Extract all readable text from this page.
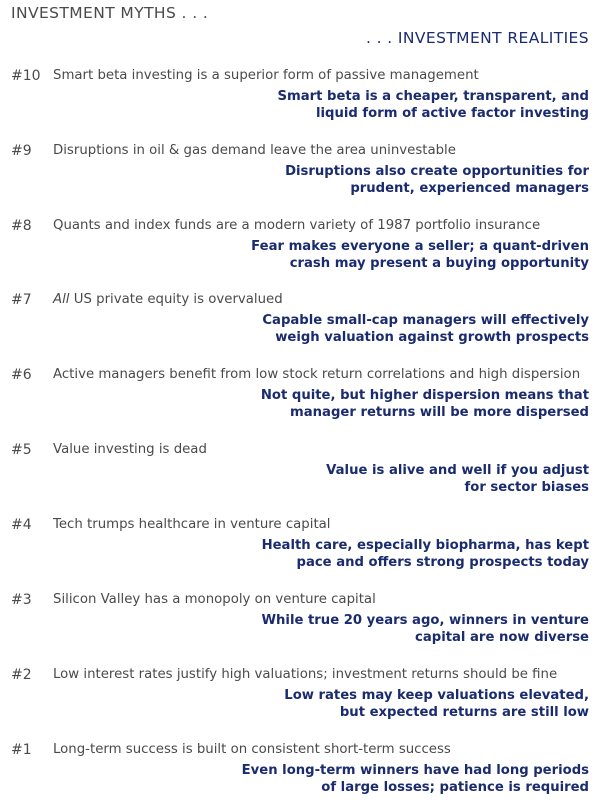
INVESTMENT MYTHS . . .
. . . INVESTMENT REALITIES
#10 Smart beta investing is a superior form of passive management
Smart beta is a cheaper, transparent, and
liquid form of active factor investing
#9 Disruptions in oil & gas demand leave the area uninvestable
Disruptions also create opportunities for
prudent, experienced managers
#8 Quants and index funds are a modern variety of 1987 portfolio insurance
Fear makes everyone a seller; a quant-driven
crash may present a buying opportunity
#7 All US private equity is overvalued
Capable small-cap managers will effectively
weigh valuation against growth prospects
#6 Active managers benefit from low stock return correlations and high dispersion
Not quite, but higher dispersion means that
manager returns will be more dispersed
#5 Value investing is dead
Value is alive and well if you adjust
for sector biases
#4 Tech trumps healthcare in venture capital
Health care, especially biopharma, has kept
pace and offers strong prospects today
#3 Silicon Valley has a monopoly on venture capital
While true 20 years ago, winners in venture
capital are now diverse
#2 Low interest rates justify high valuations; investment returns should be fine
Low rates may keep valuations elevated,
but expected returns are still low
#1 Long-term success is built on consistent short-term success
Even long-term winners have had long periods
of large losses; patience is required
